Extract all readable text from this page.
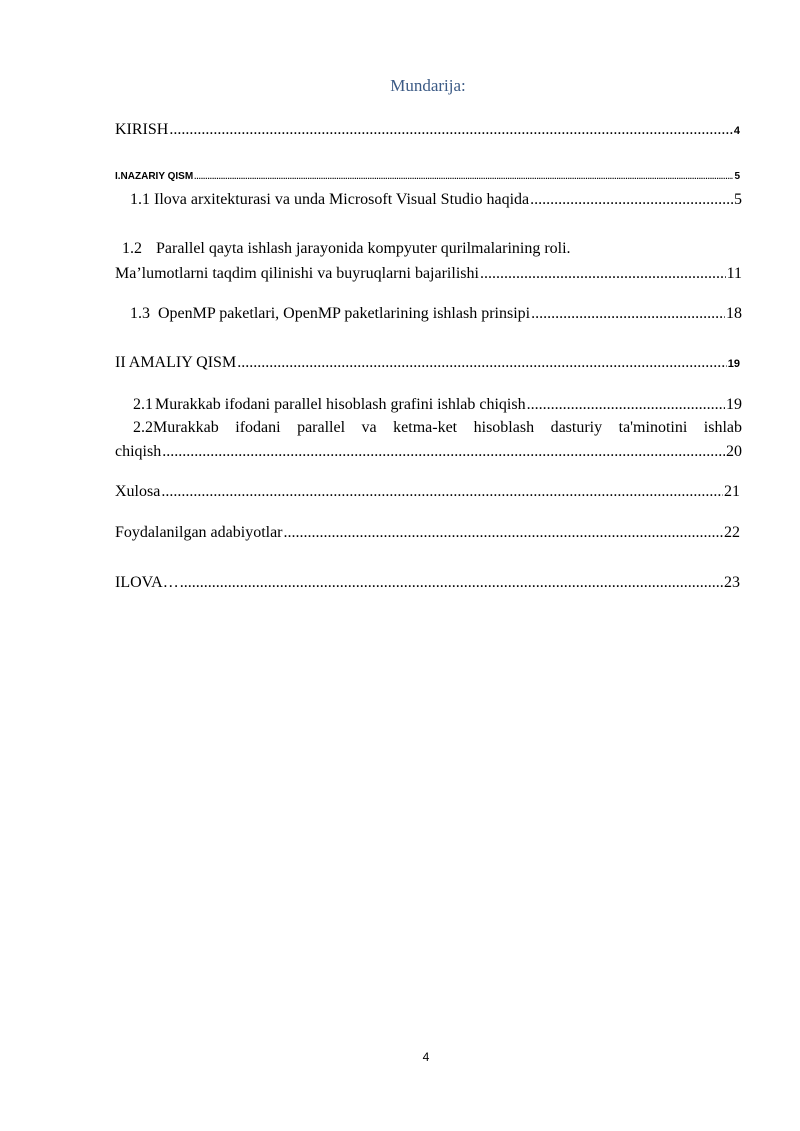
Mundarija:
KIRISH .....	4
I.NAZARIY QISM .....	5
1.1 Ilova arxitekturasi va unda Microsoft Visual Studio haqida .....	5
1.2 Parallel qayta ishlash jarayonida kompyuter qurilmalarining roli.
Ma’lumotlarni taqdim qilinishi va buyruqlarni bajarilishi .....	11
1.3 OpenMP paketlari, OpenMP paketlarining ishlash prinsipi .....	18
II AMALIY QISM .....	19
2.1 Murakkab ifodani parallel hisoblash grafini ishlab chiqish .....	19
2.2Murakkab ifodani parallel va ketma-ket hisoblash dasturiy ta'minotini ishlab
chiqish .....	20
Xulosa .....	21
Foydalanilgan adabiyotlar .....	22
ILOVA… .....	23
4
